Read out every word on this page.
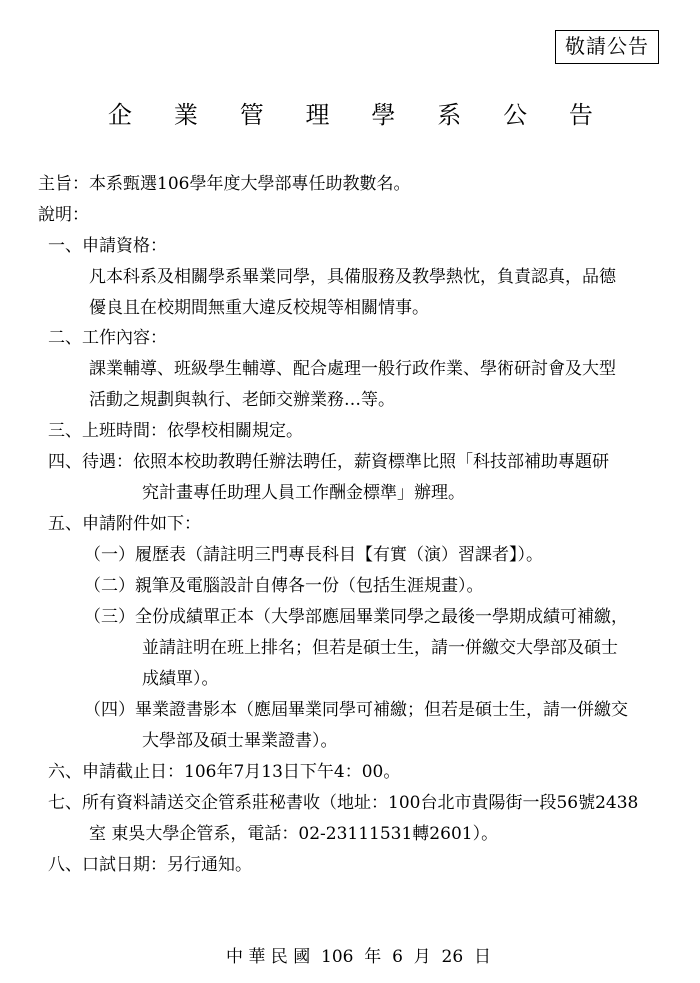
敬請公告
企 業 管 理 學 系 公 告
主旨：本系甄選106學年度大學部專任助教數名。
說明：
一、申請資格：
凡本科系及相關學系畢業同學，具備服務及教學熱忱，負責認真，品德
優良且在校期間無重大違反校規等相關情事。
二、工作內容：
課業輔導、班級學生輔導、配合處理一般行政作業、學術研討會及大型
活動之規劃與執行、老師交辦業務…等。
三、上班時間：依學校相關規定。
四、待遇：依照本校助教聘任辦法聘任，薪資標準比照「科技部補助專題研
究計畫專任助理人員工作酬金標準」辦理。
五、申請附件如下：
（一）履歷表（請註明三門專長科目【有實（演）習課者】）。
（二）親筆及電腦設計自傳各一份（包括生涯規畫）。
（三）全份成績單正本（大學部應屆畢業同學之最後一學期成績可補繳，
並請註明在班上排名；但若是碩士生，請一併繳交大學部及碩士
成績單）。
（四）畢業證書影本（應屆畢業同學可補繳；但若是碩士生，請一併繳交
大學部及碩士畢業證書）。
六、申請截止日：106年7月13日下午4：00。
七、所有資料請送交企管系莊秘書收（地址：100台北市貴陽街一段56號2438
室 東吳大學企管系，電話：02-23111531轉2601）。
八、口試日期：另行通知。
中 華 民 國  106  年  6  月  26  日
